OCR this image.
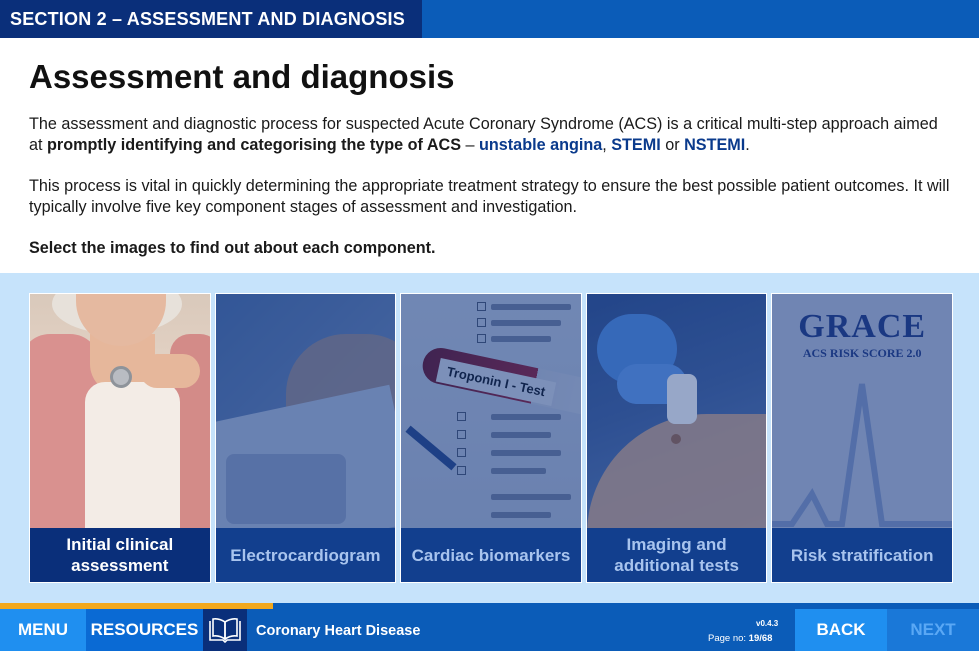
SECTION 2 – ASSESSMENT AND DIAGNOSIS
Assessment and diagnosis

The assessment and diagnostic process for suspected Acute Coronary Syndrome (ACS) is a critical multi-step approach aimed at promptly identifying and categorising the type of ACS – unstable angina, STEMI or NSTEMI.

This process is vital in quickly determining the appropriate treatment strategy to ensure the best possible patient outcomes. It will typically involve five key component stages of assessment and investigation.

Select the images to find out about each component.

Initial clinical assessment
Electrocardiogram	Cardiac biomarkers
Imaging and additional tests
Risk stratification
MENU	RESOURCES	Coronary Heart Disease	v0.4.3
Page no: 19/68	BACK	NEXT
